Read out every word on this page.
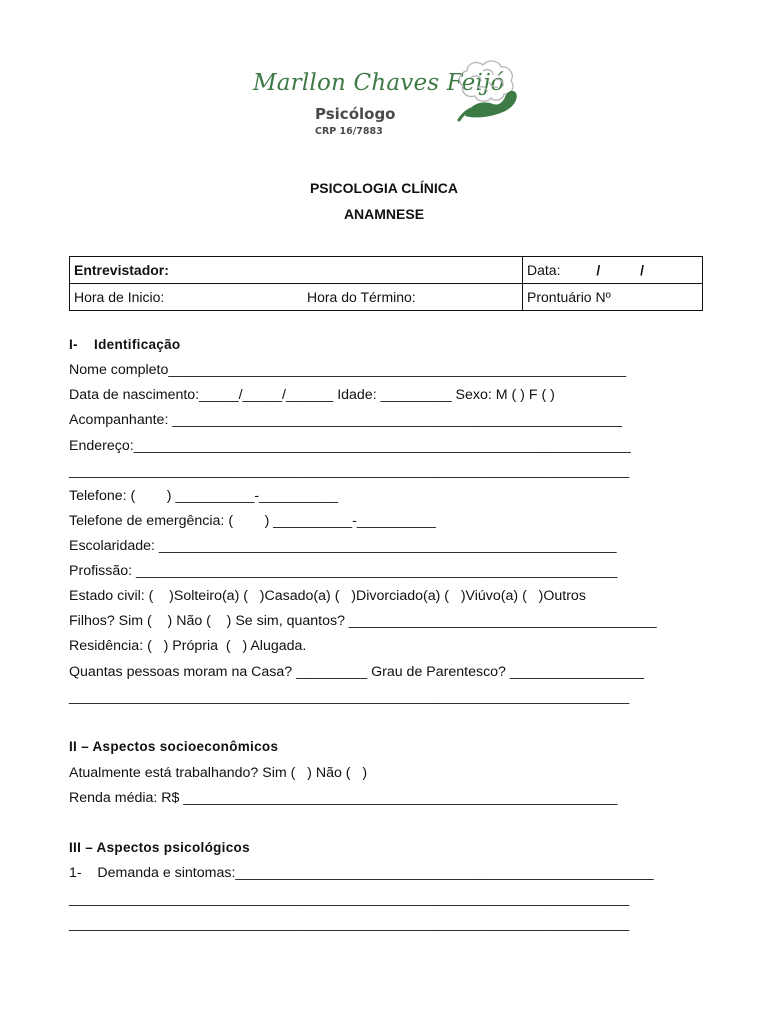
Marllon Chaves Feijó
Psicólogo
CRP 16/7883
PSICOLOGIA CLÍNICA
ANAMNESE
Entrevistador:	Data: / /
Hora de Inicio: Hora do Término:	Prontuário Nº
I-    Identificação
Nome completo__________________________________________________________
Data de nascimento:_____/_____/______ Idade: _________ Sexo: M ( ) F ( )
Acompanhante: _________________________________________________________
Endereço:_______________________________________________________________
_______________________________________________________________________
Telefone: (        ) __________-__________
Telefone de emergência: (        ) __________-__________
Escolaridade: __________________________________________________________
Profissão: _____________________________________________________________
Estado civil: (    )Solteiro(a) (   )Casado(a) (   )Divorciado(a) (   )Viúvo(a) (   )Outros
Filhos? Sim (    ) Não (    ) Se sim, quantos? _______________________________________
Residência: (   ) Própria  (   ) Alugada.
Quantas pessoas moram na Casa? _________ Grau de Parentesco? _________________
_______________________________________________________________________
II – Aspectos socioeconômicos
Atualmente está trabalhando? Sim (   ) Não (   )
Renda média: R$ _______________________________________________________
III – Aspectos psicológicos
1-    Demanda e sintomas:_____________________________________________________
_______________________________________________________________________
_______________________________________________________________________
